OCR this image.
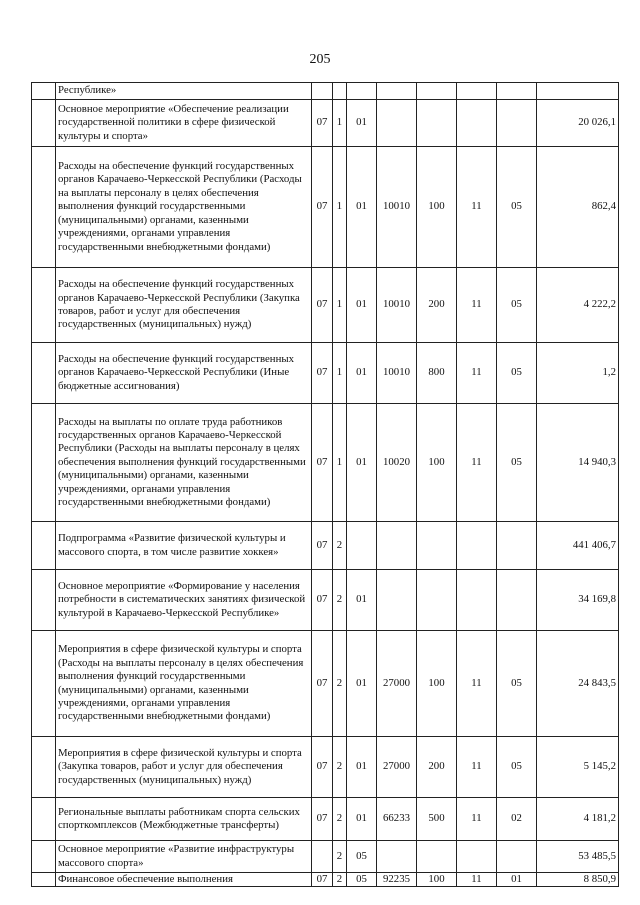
205
	Республике»								
	Основное мероприятие «Обеспечение реализации государственной политики в сфере физической культуры и спорта»	07	1	01					20 026,1
	Расходы на обеспечение функций государственных органов Карачаево-Черкесской Республики (Расходы на выплаты персоналу в целях обеспечения выполнения функций государственными (муниципальными) органами, казенными учреждениями, органами управления государственными внебюджетными фондами)	07	1	01	10010	100	11	05	862,4
	Расходы на обеспечение функций государственных органов Карачаево-Черкесской Республики (Закупка товаров, работ и услуг для обеспечения государственных (муниципальных) нужд)	07	1	01	10010	200	11	05	4 222,2
	Расходы на обеспечение функций государственных органов Карачаево-Черкесской Республики (Иные бюджетные ассигнования)	07	1	01	10010	800	11	05	1,2
	Расходы на выплаты по оплате труда работников государственных органов Карачаево-Черкесской Республики (Расходы на выплаты персоналу в целях обеспечения выполнения функций государственными (муниципальными) органами, казенными учреждениями, органами управления государственными внебюджетными фондами)	07	1	01	10020	100	11	05	14 940,3
	Подпрограмма «Развитие физической культуры и массового спорта, в том числе развитие хоккея»	07	2						441 406,7
	Основное мероприятие «Формирование у населения потребности в систематических занятиях физической культурой в Карачаево-Черкесской Республике»	07	2	01					34 169,8
	Мероприятия в сфере физической культуры и спорта (Расходы на выплаты персоналу в целях обеспечения выполнения функций государственными (муниципальными) органами, казенными учреждениями, органами управления государственными внебюджетными фондами)	07	2	01	27000	100	11	05	24 843,5
	Мероприятия в сфере физической культуры и спорта (Закупка товаров, работ и услуг для обеспечения государственных (муниципальных) нужд)	07	2	01	27000	200	11	05	5 145,2
	Региональные выплаты работникам спорта сельских спорткомплексов (Межбюджетные трансферты)	07	2	01	66233	500	11	02	4 181,2
	Основное мероприятие «Развитие инфраструктуры массового спорта»		2	05					53 485,5
	Финансовое обеспечение выполнения	07	2	05	92235	100	11	01	8 850,9
